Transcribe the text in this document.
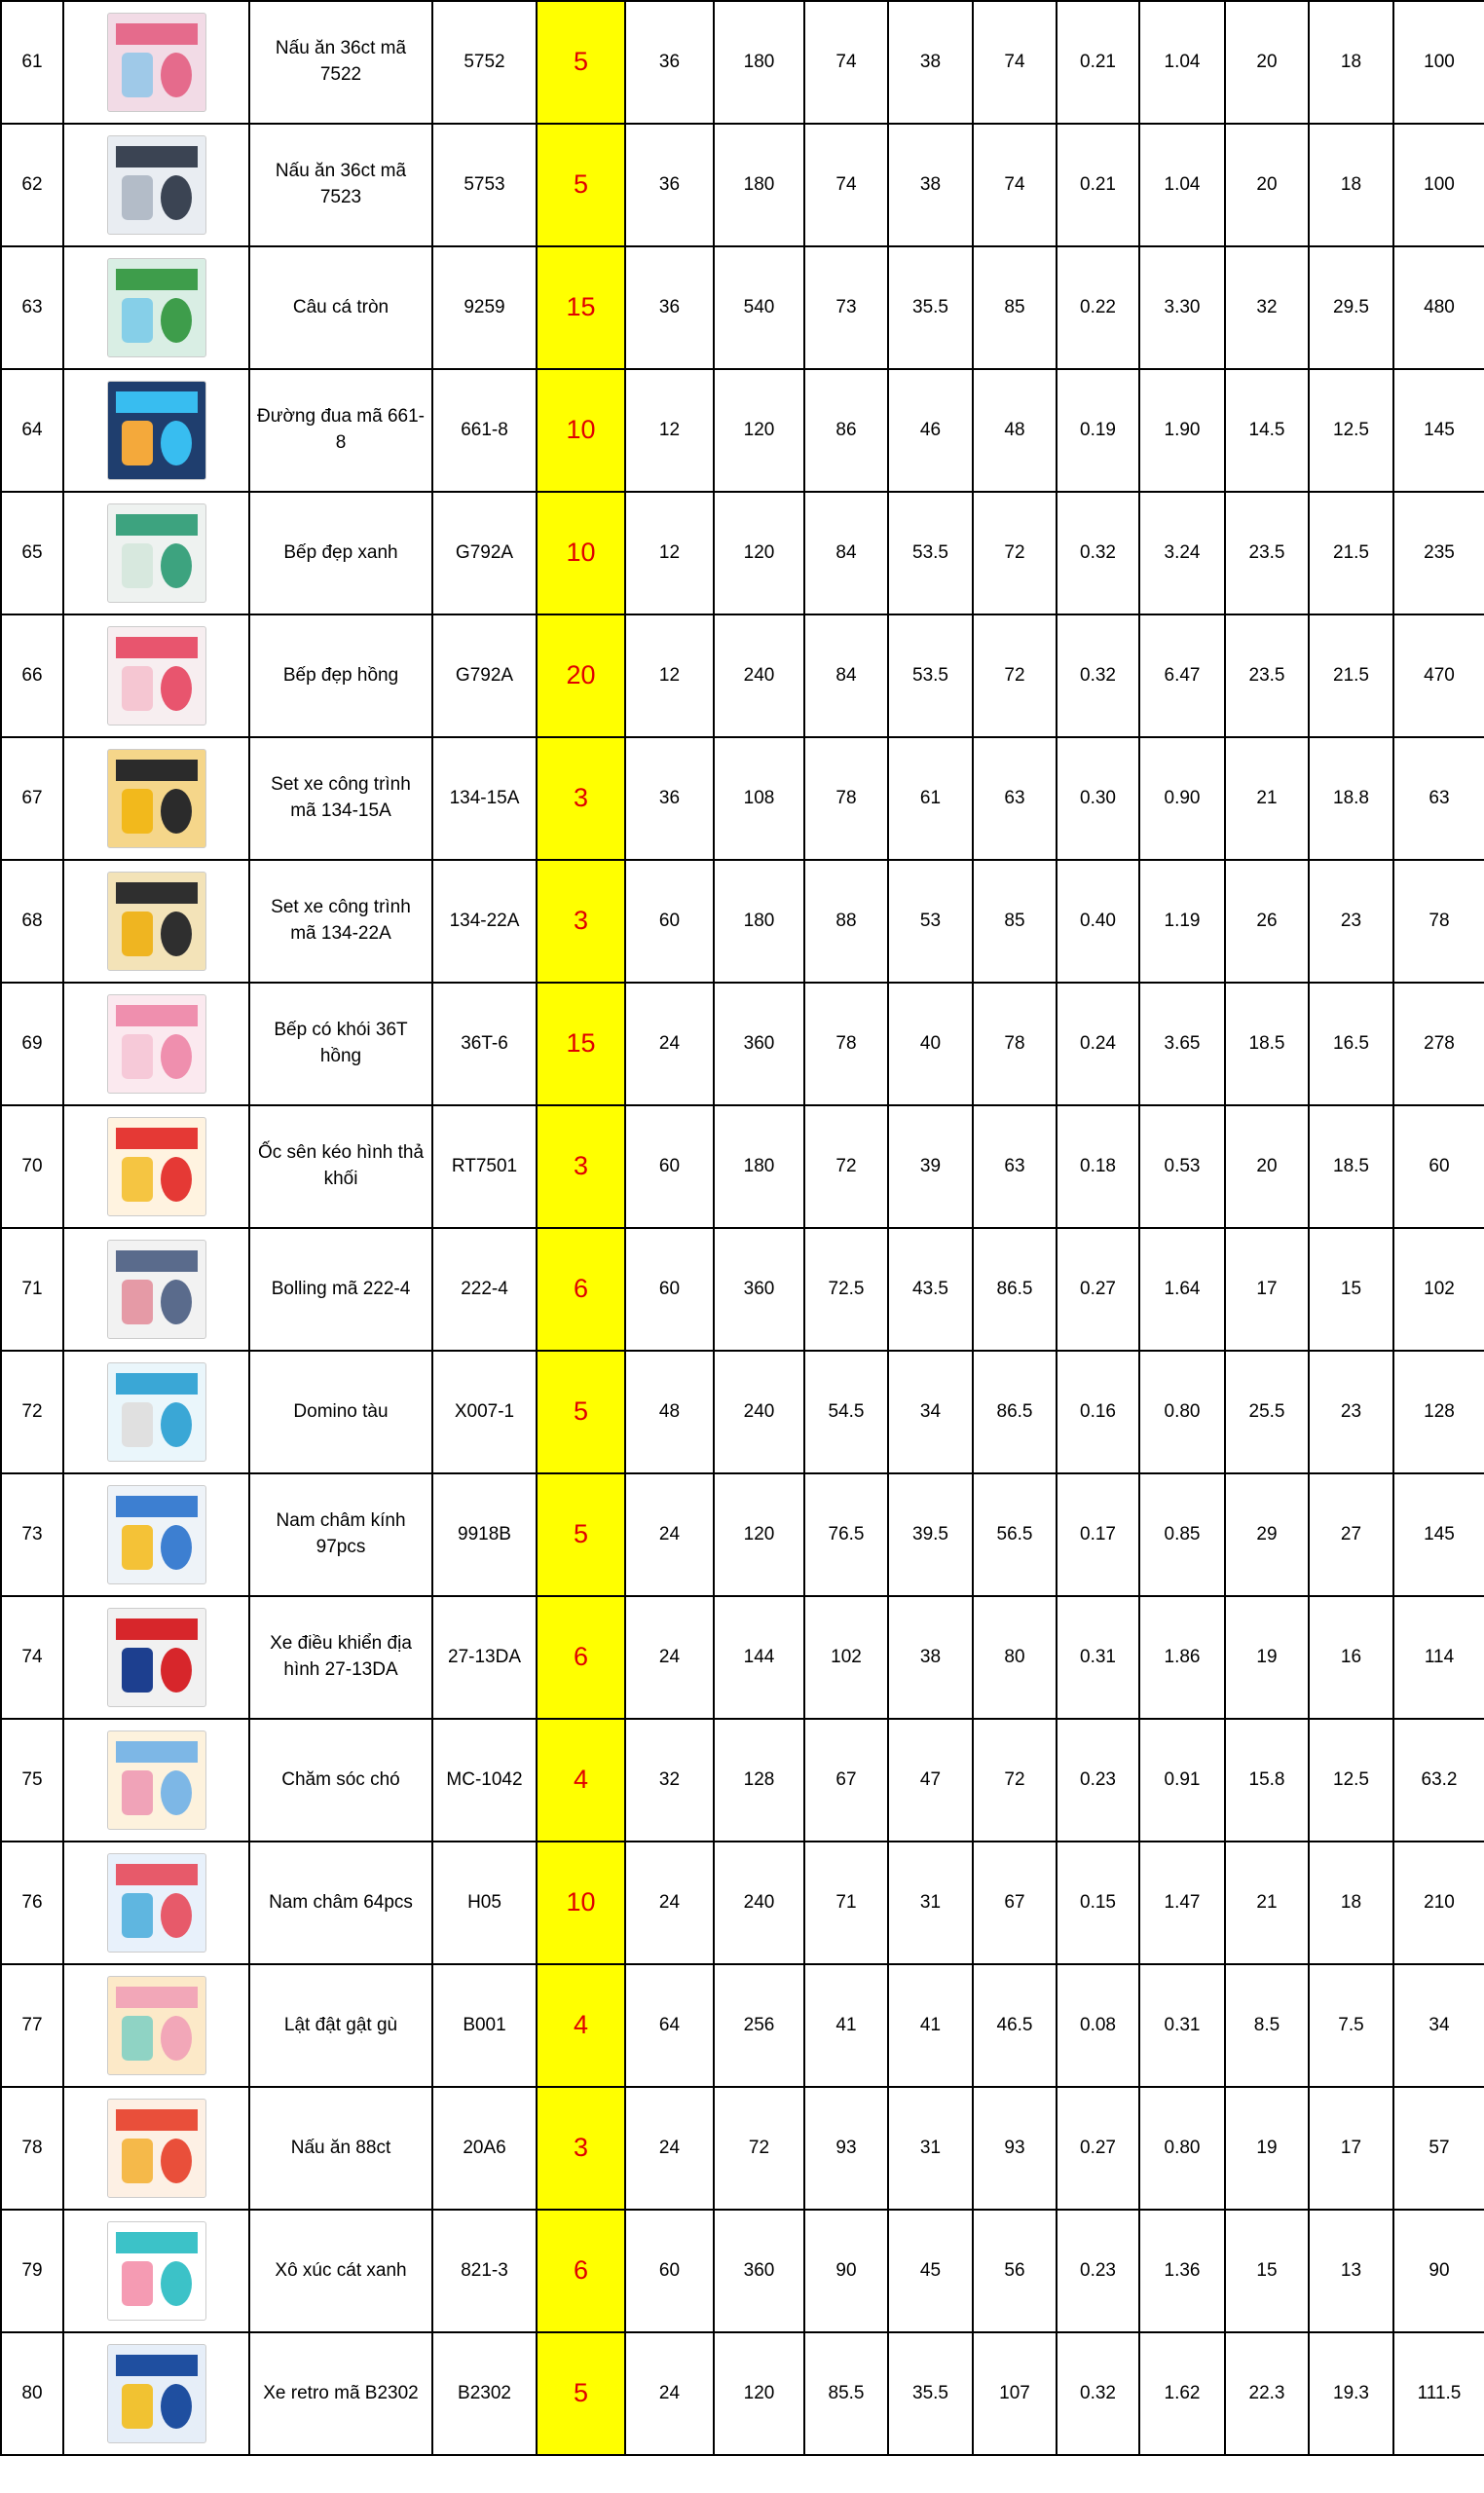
61		Nấu ăn 36ct mã 7522	5752	5	36	180	74	38	74	0.21	1.04	20	18	100
62		Nấu ăn 36ct mã 7523	5753	5	36	180	74	38	74	0.21	1.04	20	18	100
63		Câu cá tròn	9259	15	36	540	73	35.5	85	0.22	3.30	32	29.5	480
64		Đường đua mã 661-8	661-8	10	12	120	86	46	48	0.19	1.90	14.5	12.5	145
65		Bếp đẹp xanh	G792A	10	12	120	84	53.5	72	0.32	3.24	23.5	21.5	235
66		Bếp đẹp hồng	G792A	20	12	240	84	53.5	72	0.32	6.47	23.5	21.5	470
67		Set xe công trình mã 134-15A	134-15A	3	36	108	78	61	63	0.30	0.90	21	18.8	63
68		Set xe công trình mã 134-22A	134-22A	3	60	180	88	53	85	0.40	1.19	26	23	78
69		Bếp có khói 36T hồng	36T-6	15	24	360	78	40	78	0.24	3.65	18.5	16.5	278
70		Ốc sên kéo hình thả khối	RT7501	3	60	180	72	39	63	0.18	0.53	20	18.5	60
71		Bolling mã 222-4	222-4	6	60	360	72.5	43.5	86.5	0.27	1.64	17	15	102
72		Domino tàu	X007-1	5	48	240	54.5	34	86.5	0.16	0.80	25.5	23	128
73		Nam châm kính 97pcs	9918B	5	24	120	76.5	39.5	56.5	0.17	0.85	29	27	145
74		Xe điều khiển địa hình 27-13DA	27-13DA	6	24	144	102	38	80	0.31	1.86	19	16	114
75		Chăm sóc chó	MC-1042	4	32	128	67	47	72	0.23	0.91	15.8	12.5	63.2
76		Nam châm 64pcs	H05	10	24	240	71	31	67	0.15	1.47	21	18	210
77		Lật đật gật gù	B001	4	64	256	41	41	46.5	0.08	0.31	8.5	7.5	34
78		Nấu ăn 88ct	20A6	3	24	72	93	31	93	0.27	0.80	19	17	57
79		Xô xúc cát xanh	821-3	6	60	360	90	45	56	0.23	1.36	15	13	90
80		Xe retro mã B2302	B2302	5	24	120	85.5	35.5	107	0.32	1.62	22.3	19.3	111.5
